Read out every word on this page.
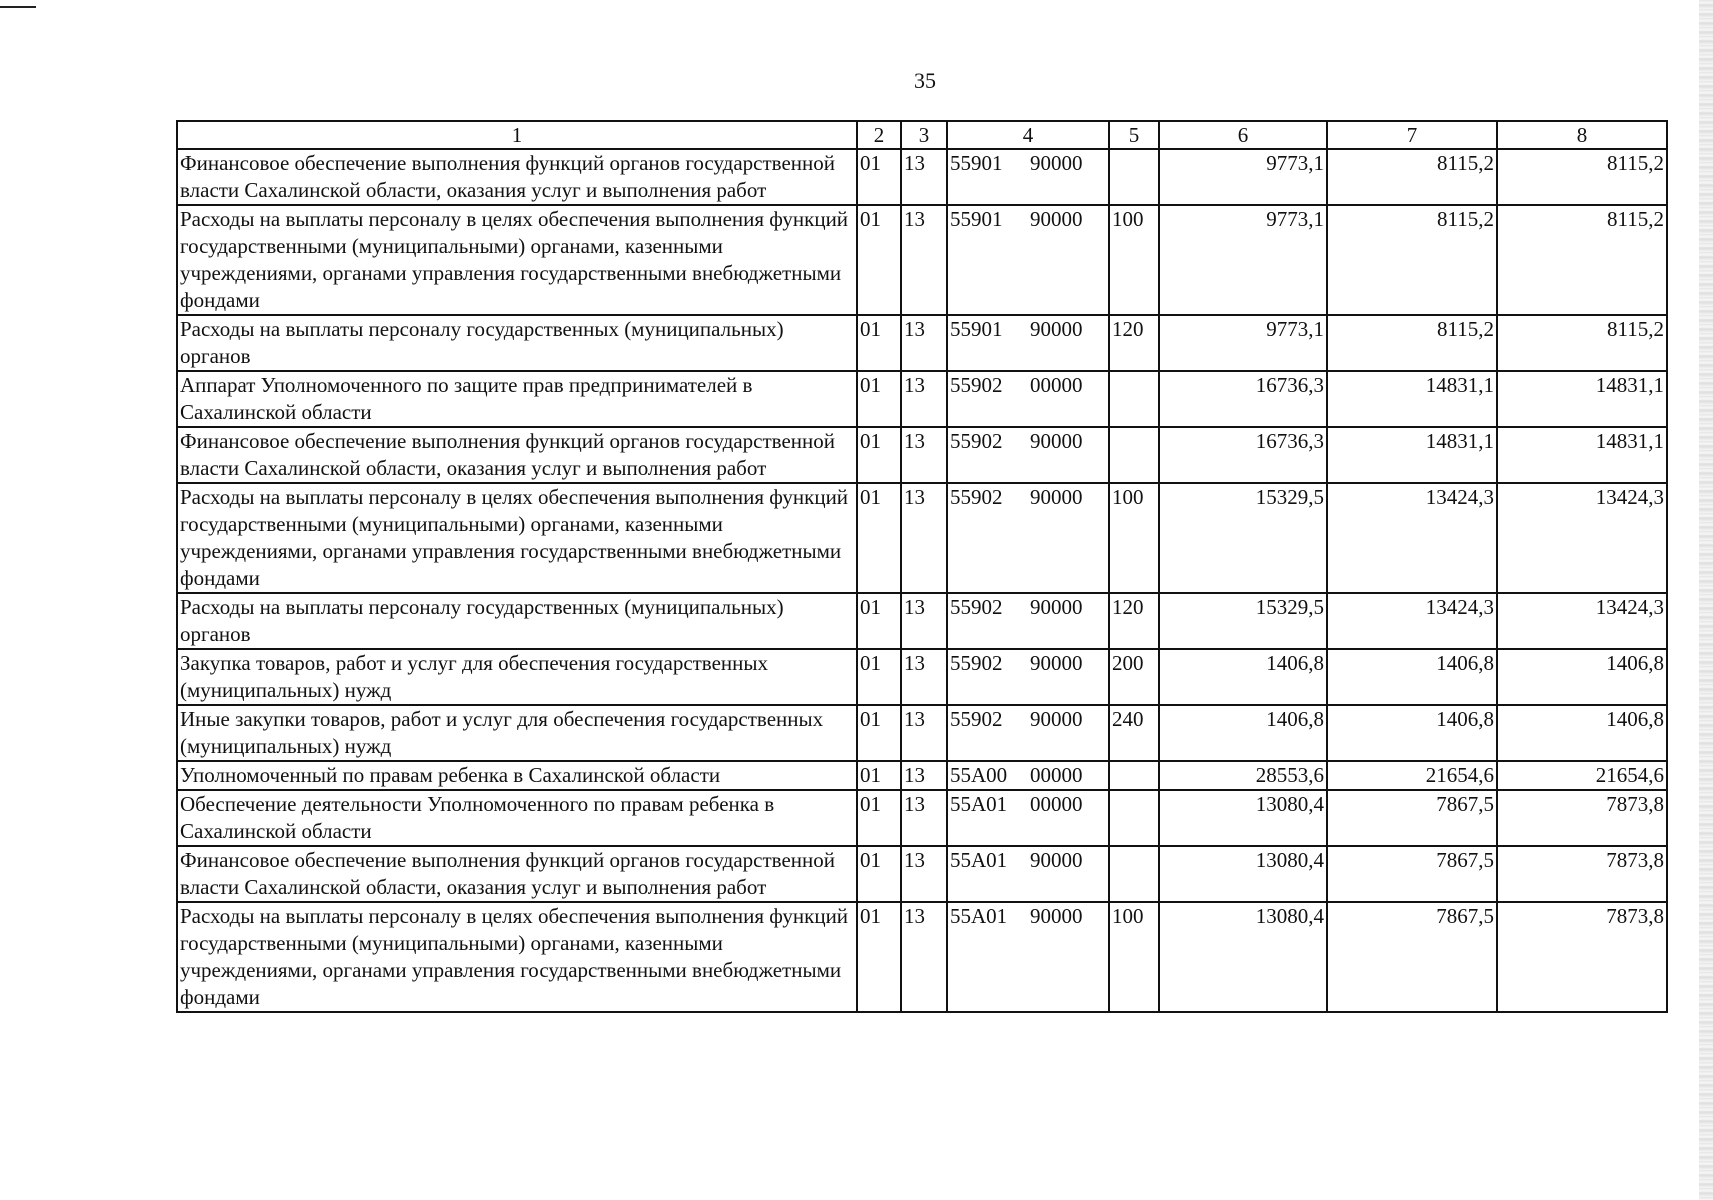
35
1	2	3	4	5	6	7	8
Финансовое обеспечение выполнения функций органов государственной власти Сахалинской области, оказания услуг и выполнения работ	01	13	55901 90000		9773,1	8115,2	8115,2
Расходы на выплаты персоналу в целях обеспечения выполнения функций государственными (муниципальными) органами, казенными учреждениями, органами управления государственными внебюджетными фондами	01	13	55901 90000	100	9773,1	8115,2	8115,2
Расходы на выплаты персоналу государственных (муниципальных) органов	01	13	55901 90000	120	9773,1	8115,2	8115,2
Аппарат Уполномоченного по защите прав предпринимателей в Сахалинской области	01	13	55902 00000		16736,3	14831,1	14831,1
Финансовое обеспечение выполнения функций органов государственной власти Сахалинской области, оказания услуг и выполнения работ	01	13	55902 90000		16736,3	14831,1	14831,1
Расходы на выплаты персоналу в целях обеспечения выполнения функций государственными (муниципальными) органами, казенными учреждениями, органами управления государственными внебюджетными фондами	01	13	55902 90000	100	15329,5	13424,3	13424,3
Расходы на выплаты персоналу государственных (муниципальных) органов	01	13	55902 90000	120	15329,5	13424,3	13424,3
Закупка товаров, работ и услуг для обеспечения государственных (муниципальных) нужд	01	13	55902 90000	200	1406,8	1406,8	1406,8
Иные закупки товаров, работ и услуг для обеспечения государственных (муниципальных) нужд	01	13	55902 90000	240	1406,8	1406,8	1406,8
Уполномоченный по правам ребенка в Сахалинской области	01	13	55А00 00000		28553,6	21654,6	21654,6
Обеспечение деятельности Уполномоченного по правам ребенка в Сахалинской области	01	13	55А01 00000		13080,4	7867,5	7873,8
Финансовое обеспечение выполнения функций органов государственной власти Сахалинской области, оказания услуг и выполнения работ	01	13	55А01 90000		13080,4	7867,5	7873,8
Расходы на выплаты персоналу в целях обеспечения выполнения функций государственными (муниципальными) органами, казенными учреждениями, органами управления государственными внебюджетными фондами	01	13	55А01 90000	100	13080,4	7867,5	7873,8
